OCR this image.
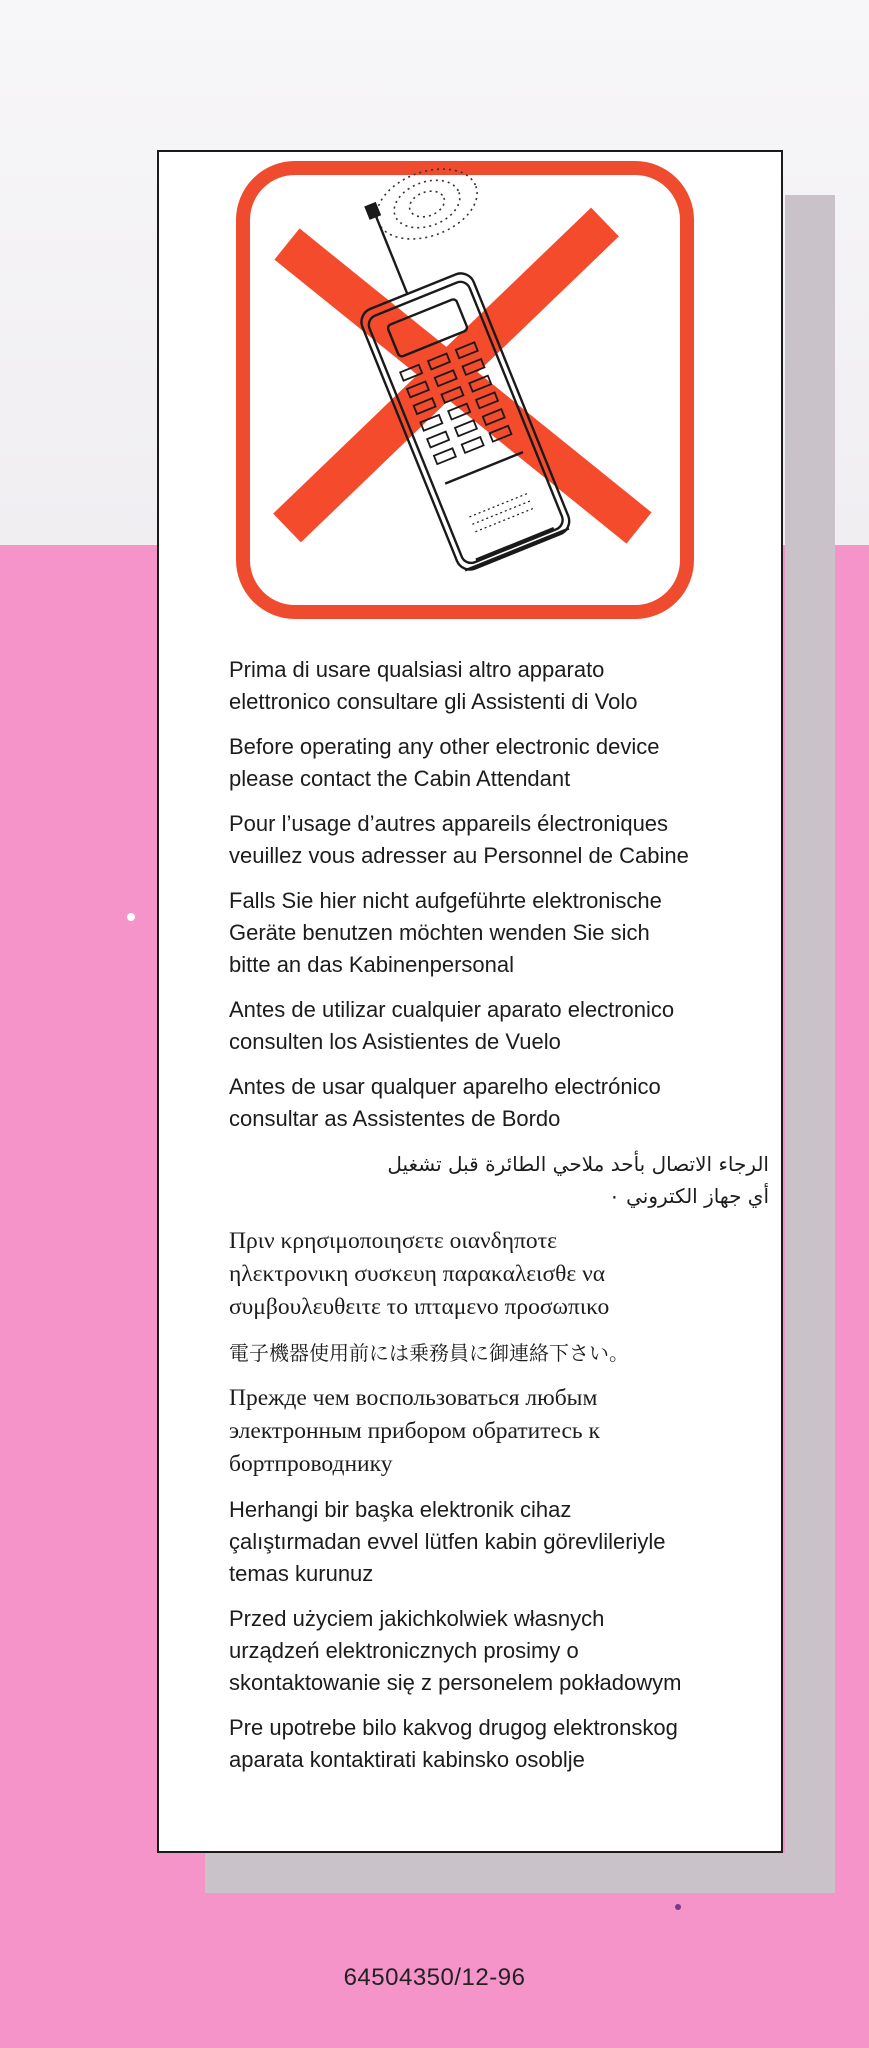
Prima di usare qualsiasi altro apparato
elettronico consultare gli Assistenti di Volo
Before operating any other electronic device
please contact the Cabin Attendant
Pour l’usage d’autres appareils électroniques
veuillez vous adresser au Personnel de Cabine
Falls Sie hier nicht aufgeführte elektronische
Geräte benutzen möchten wenden Sie sich
bitte an das Kabinenpersonal
Antes de utilizar cualquier aparato electronico
consulten los Asistientes de Vuelo
Antes de usar qualquer aparelho electrónico
consultar as Assistentes de Bordo
الرجاء الاتصال بأحد ملاحي الطائرة قبل تشغيل
أي جهاز الكتروني ٠
Πριν κρησιμοποιησετε οιανδηποτε
ηλεκτρονικη συσκευη παρακαλεισθε να
συμβουλευθειτε το ιπταμενο προσωπικο
電子機器使用前には乗務員に御連絡下さい。
Прежде чем воспользоваться любым
электронным прибором обратитесь к
бортпроводнику
Herhangi bir başka elektronik cihaz
çalıştırmadan evvel lütfen kabin görevlileriyle
temas kurunuz
Przed użyciem jakichkolwiek własnych
urządzeń elektronicznych prosimy o
skontaktowanie się z personelem pokładowym
Pre upotrebe bilo kakvog drugog elektronskog
aparata kontaktirati kabinsko osoblje
64504350/12-96
